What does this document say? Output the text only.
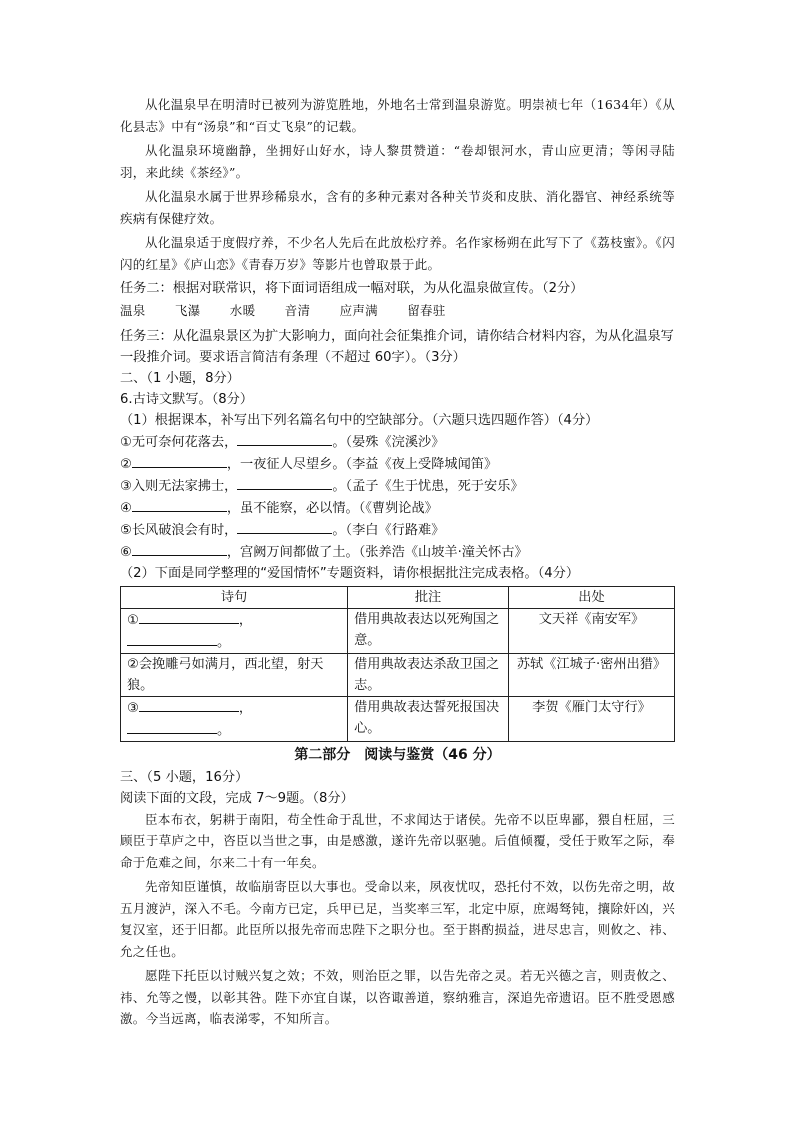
从化温泉早在明清时已被列为游览胜地，外地名士常到温泉游览。明崇祯七年（1634年）《从化县志》中有“汤泉”和“百丈飞泉”的记载。

从化温泉环境幽静，坐拥好山好水，诗人黎贯赞道：“卷却银河水，青山应更清；等闲寻陆羽，来此续《茶经》”。

从化温泉水属于世界珍稀泉水，含有的多种元素对各种关节炎和皮肤、消化器官、神经系统等疾病有保健疗效。

从化温泉适于度假疗养，不少名人先后在此放松疗养。名作家杨朔在此写下了《荔枝蜜》。《闪闪的红星》《庐山恋》《青春万岁》等影片也曾取景于此。

任务二：根据对联常识，将下面词语组成一幅对联，为从化温泉做宣传。（2分）

温泉 飞瀑 水暖 音清 应声满 留春驻

任务三：从化温泉景区为扩大影响力，面向社会征集推介词，请你结合材料内容，为从化温泉写一段推介词。要求语言简洁有条理（不超过 60字）。（3分）

二、（1 小题，8分）

6.古诗文默写。（8分）

（1）根据课本，补写出下列名篇名句中的空缺部分。（六题只选四题作答）（4分）

①无可奈何花落去，	。（晏殊《浣溪沙》

②	，一夜征人尽望乡。（李益《夜上受降城闻笛》

③入则无法家拂士，	。（孟子《生于忧患，死于安乐》

④	，虽不能察，必以情。（《曹刿论战》

⑤长风破浪会有时，	。（李白《行路难》

⑥	，宫阙万间都做了土。（张养浩《山坡羊·潼关怀古》

（2）下面是同学整理的“爱国情怀”专题资料，请你根据批注完成表格。（4分）

诗句	批注	出处
① ，
。	借用典故表达以死殉国之意。	文天祥《南安军》
②会挽雕弓如满月，西北望，射天狼。	借用典故表达杀敌卫国之志。	苏轼《江城子·密州出猎》
③ ，
。	借用典故表达誓死报国决心。	李贺《雁门太守行》
第二部分　阅读与鉴赏（46 分）

三、（5 小题，16分）

阅读下面的文段，完成 7～9题。（8分）

臣本布衣，躬耕于南阳，苟全性命于乱世，不求闻达于诸侯。先帝不以臣卑鄙，猥自枉屈，三顾臣于草庐之中，咨臣以当世之事，由是感激，遂许先帝以驱驰。后值倾覆，受任于败军之际，奉命于危难之间，尔来二十有一年矣。

先帝知臣谨慎，故临崩寄臣以大事也。受命以来，夙夜忧叹，恐托付不效，以伤先帝之明，故五月渡泸，深入不毛。今南方已定，兵甲已足，当奖率三军，北定中原，庶竭驽钝，攘除奸凶，兴复汉室，还于旧都。此臣所以报先帝而忠陛下之职分也。至于斟酌损益，进尽忠言，则攸之、祎、允之任也。

愿陛下托臣以讨贼兴复之效；不效，则治臣之罪，以告先帝之灵。若无兴德之言，则责攸之、祎、允等之慢，以彰其咎。陛下亦宜自谋，以咨诹善道，察纳雅言，深追先帝遗诏。臣不胜受恩感激。今当远离，临表涕零，不知所言。
